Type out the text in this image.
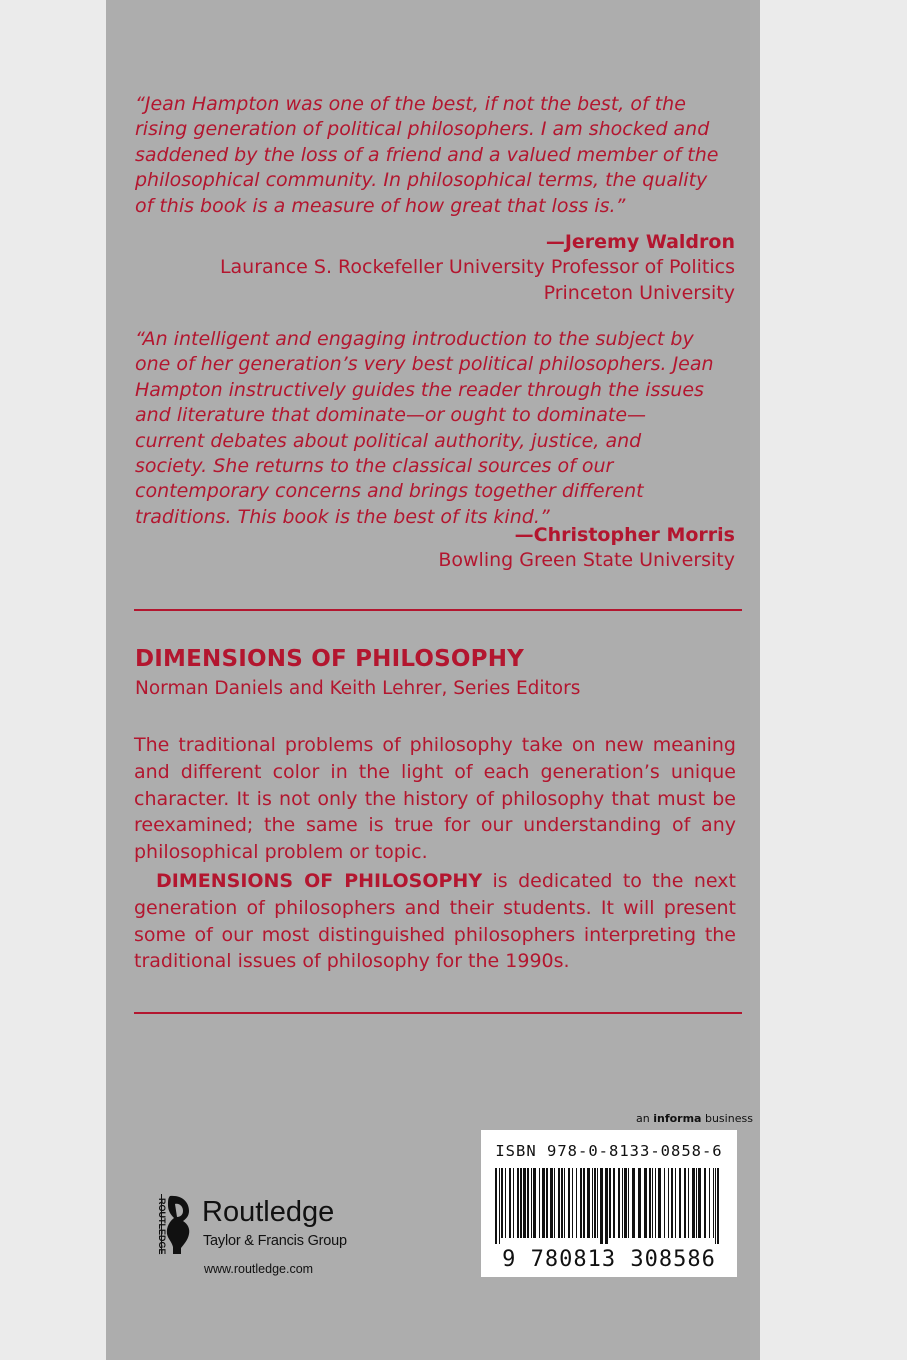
“Jean Hampton was one of the best, if not the best, of the
rising generation of political philosophers. I am shocked and
saddened by the loss of a friend and a valued member of the
philosophical community. In philosophical terms, the quality
of this book is a measure of how great that loss is.”

—Jeremy Waldron
Laurance S. Rockefeller University Professor of Politics
Princeton University

“An intelligent and engaging introduction to the subject by
one of her generation’s very best political philosophers. Jean
Hampton instructively guides the reader through the issues
and literature that dominate—or ought to dominate—
current debates about political authority, justice, and
society. She returns to the classical sources of our
contemporary concerns and brings together different
traditions. This book is the best of its kind.”

—Christopher Morris
Bowling Green State University
DIMENSIONS OF PHILOSOPHY
Norman Daniels and Keith Lehrer, Series Editors

The traditional problems of philosophy take on new meaning and different color in the light of each generation’s unique character. It is not only the history of philosophy that must be reexamined; the same is true for our understanding of any philosophical problem or topic.

DIMENSIONS OF PHILOSOPHY is dedicated to the next generation of philosophers and their students. It will present some of our most distinguished philosophers interpreting the traditional issues of philosophy for the 1990s.

an informa business
ISBN 978-0-8133-0858-6
9 780813 308586
ROUTLEDGE Routledge
Taylor & Francis Group
www.routledge.com
